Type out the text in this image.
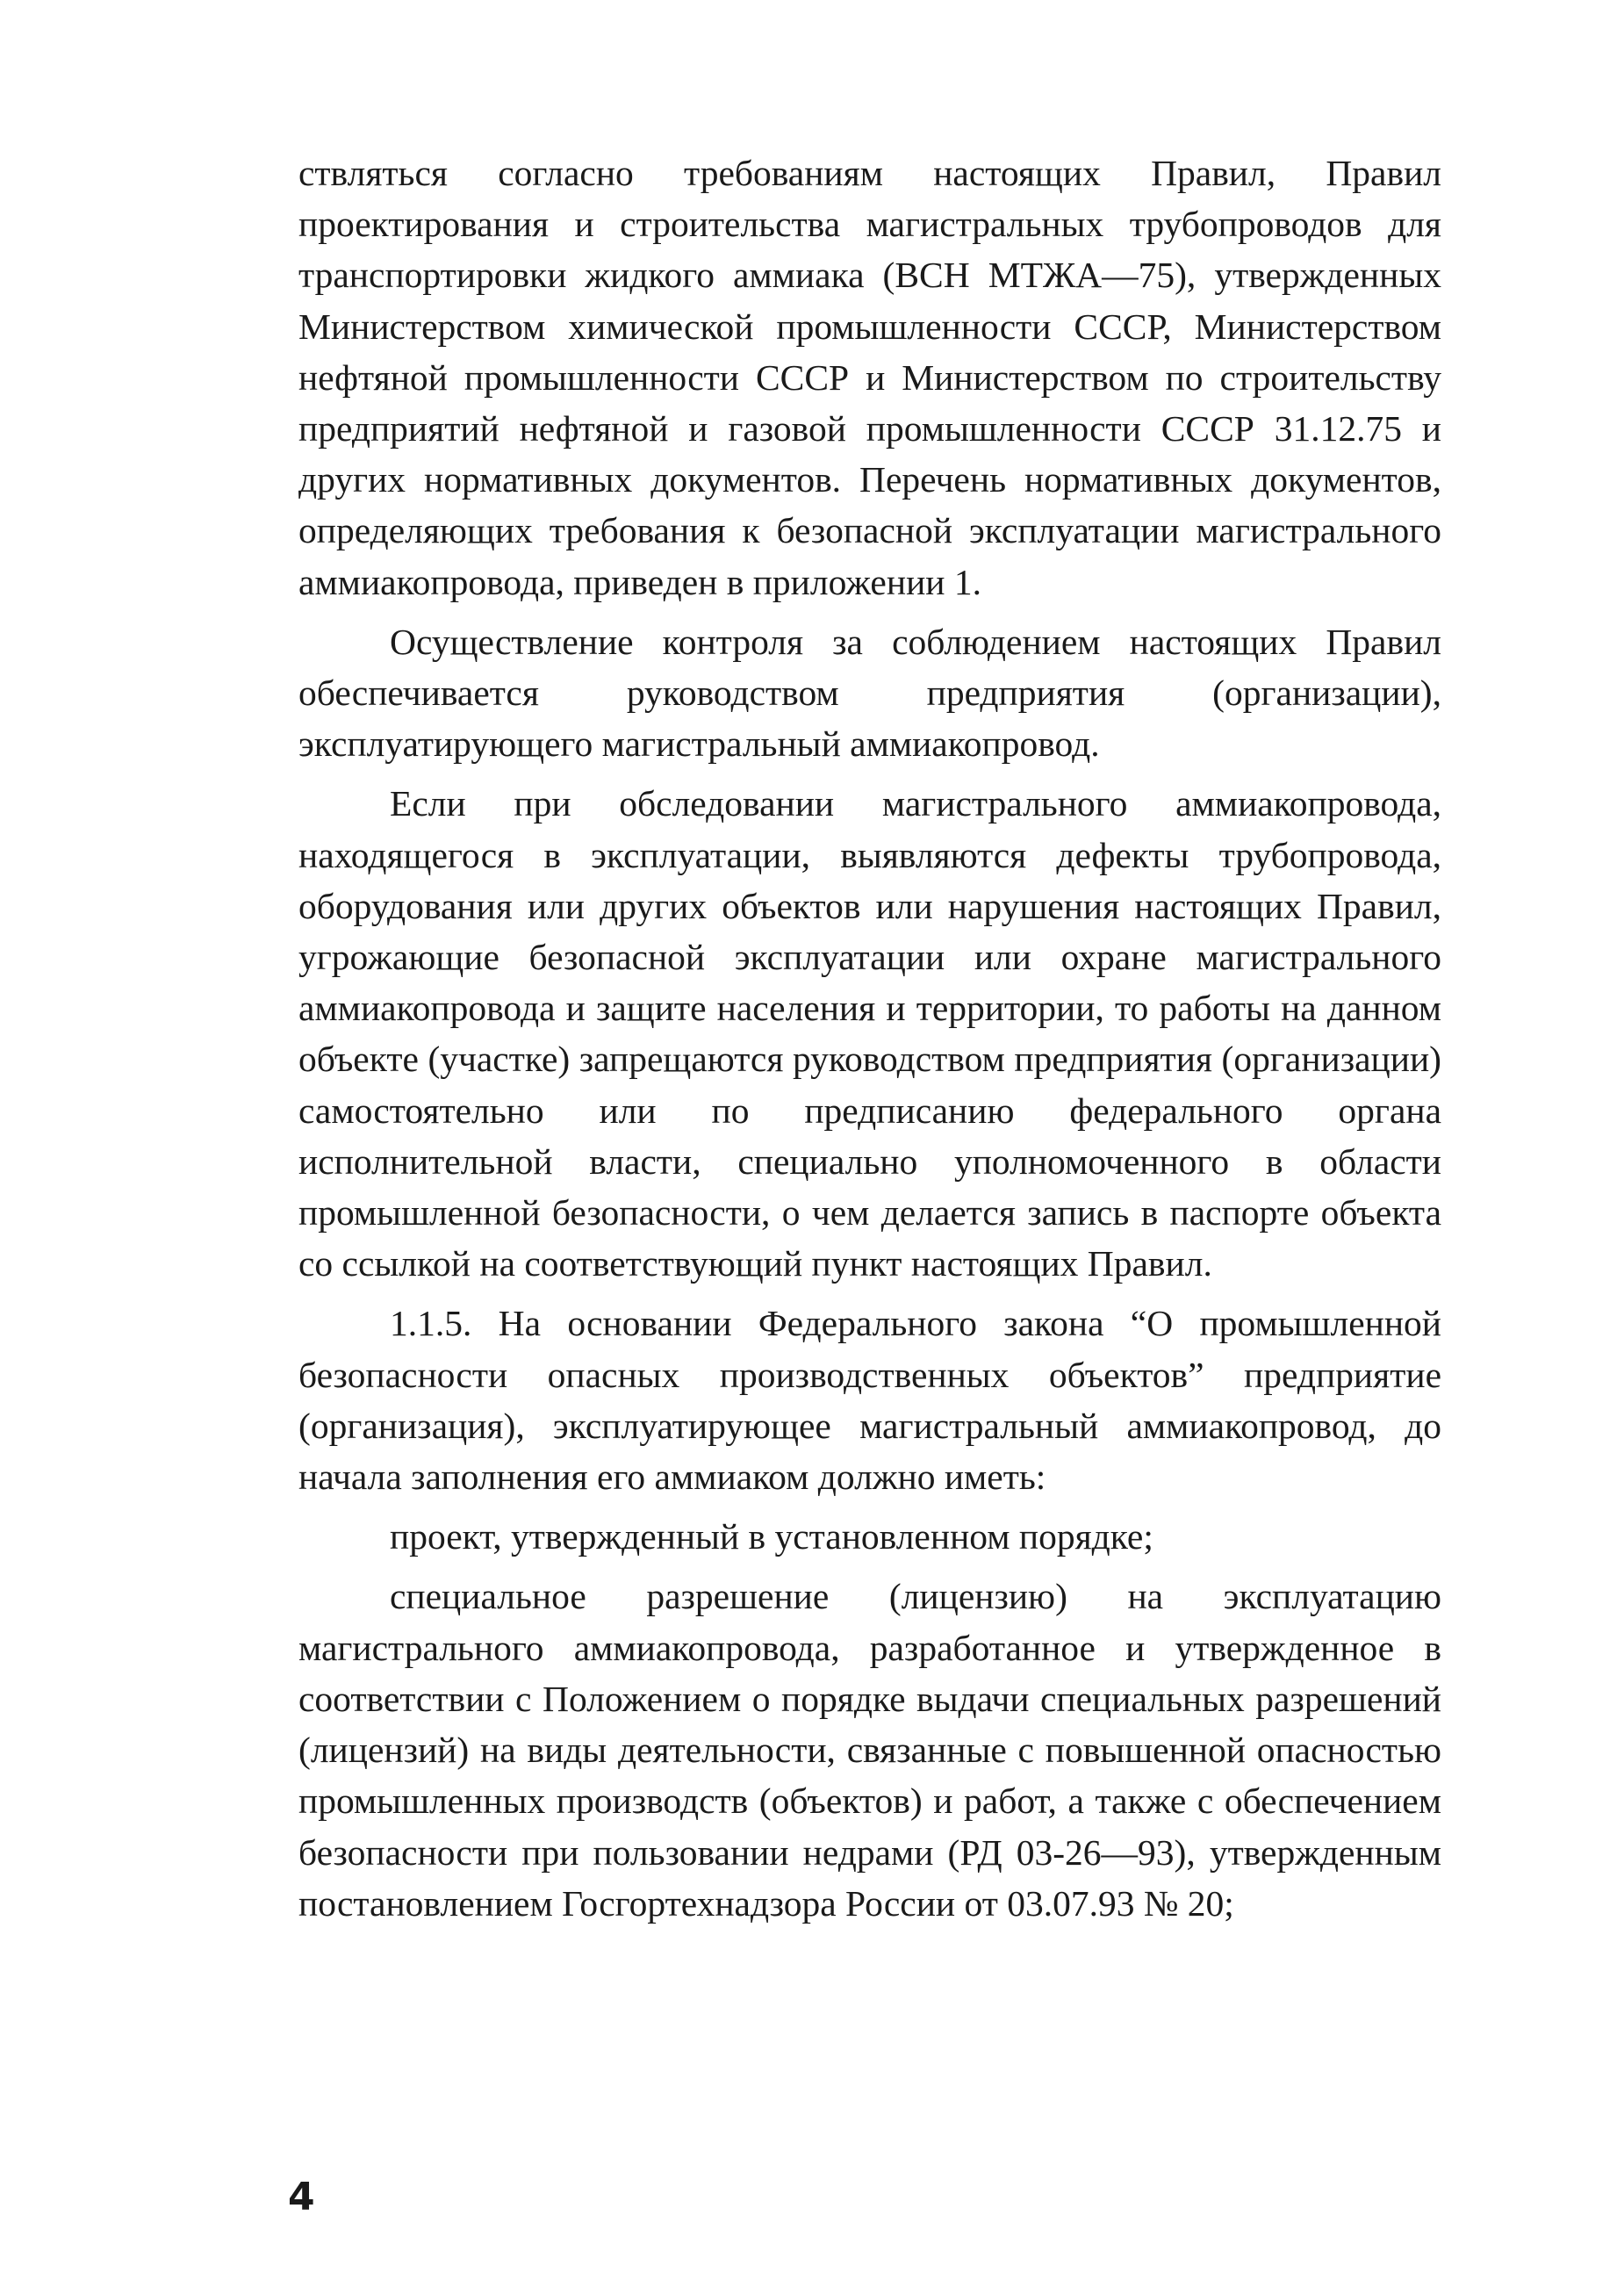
ствляться согласно требованиям настоящих Правил, Правил проектирования и строительства магистральных трубопроводов для транспортировки жидкого аммиака (ВСН МТЖА—75), утвержденных Министерством химической промышленности СССР, Министерством нефтяной промышленности СССР и Министерством по строительству предприятий нефтяной и газовой промышленности СССР 31.12.75 и других нормативных документов. Перечень нормативных документов, определяющих требования к безопасной эксплуатации магистрального аммиакопровода, приведен в приложении 1.

Осуществление контроля за соблюдением настоящих Правил обеспечивается руководством предприятия (организации), эксплуатирующего магистральный аммиакопровод.

Если при обследовании магистрального аммиакопровода, находящегося в эксплуатации, выявляются дефекты трубопровода, оборудования или других объектов или нарушения настоящих Правил, угрожающие безопасной эксплуатации или охране магистрального аммиакопровода и защите населения и территории, то работы на данном объекте (участке) запрещаются руководством предприятия (организации) самостоятельно или по предписанию федерального органа исполнительной власти, специально уполномоченного в области промышленной безопасности, о чем делается запись в паспорте объекта со ссылкой на соответствующий пункт настоящих Правил.

1.1.5. На основании Федерального закона “О промышленной безопасности опасных производственных объектов” предприятие (организация), эксплуатирующее магистральный аммиакопровод, до начала заполнения его аммиаком должно иметь:

проект, утвержденный в установленном порядке;

специальное разрешение (лицензию) на эксплуатацию магистрального аммиакопровода, разработанное и утвержденное в соответствии с Положением о порядке выдачи специальных разрешений (лицензий) на виды деятельности, связанные с повышенной опасностью промышленных производств (объектов) и работ, а также с обеспечением безопасности при пользовании недрами (РД 03-26—93), утвержденным постановлением Госгортехнадзора России от 03.07.93 № 20;

4
